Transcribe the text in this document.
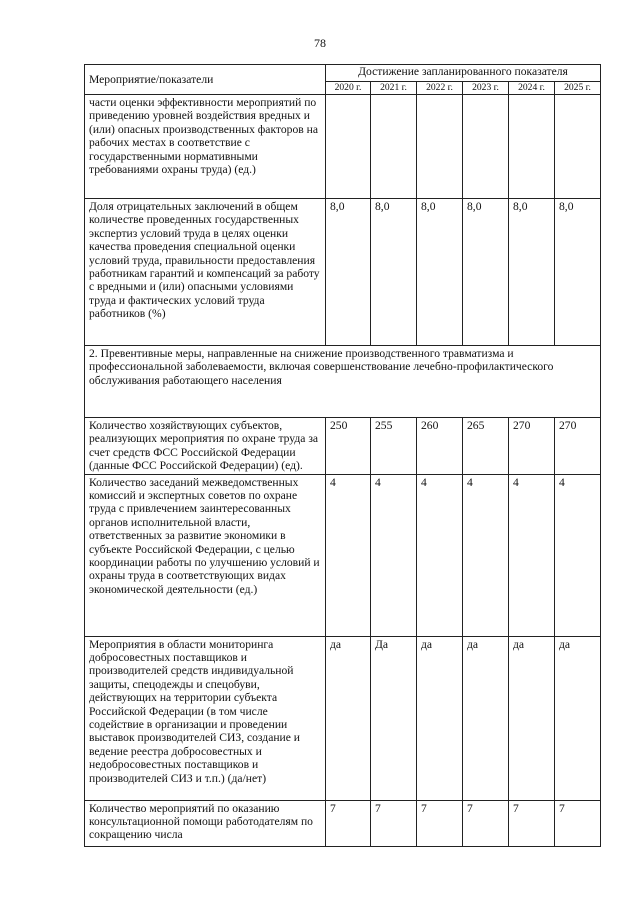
78
Мероприятие/показатели	Достижение запланированного показателя					
	2020 г.	2021 г.	2022 г.	2023 г.	2024 г.	2025 г.
части оценки эффективности мероприятий по приведению уровней воздействия вредных и (или) опасных производственных факторов на рабочих местах в соответствие с государственными нормативными требованиями охраны труда) (ед.)						
Доля отрицательных заключений в общем количестве проведенных государственных экспертиз условий труда в целях оценки качества проведения специальной оценки условий труда, правильности предоставления работникам гарантий и компенсаций за работу с вредными и (или) опасными условиями труда и фактических условий труда работников (%)	8,0	8,0	8,0	8,0	8,0	8,0
2. Превентивные меры, направленные на снижение производственного травматизма и профессиональной заболеваемости, включая совершенствование лечебно-профилактического обслуживания работающего населения						
Количество хозяйствующих субъектов, реализующих мероприятия по охране труда за счет средств ФСС Российской Федерации (данные ФСС Российской Федерации) (ед).	250	255	260	265	270	270
Количество заседаний межведомственных комиссий и экспертных советов по охране труда с привлечением заинтересованных органов исполнительной власти, ответственных за развитие экономики в субъекте Российской Федерации, с целью координации работы по улучшению условий и охраны труда в соответствующих видах экономической деятельности (ед.)	4	4	4	4	4	4
Мероприятия в области мониторинга добросовестных поставщиков и производителей средств индивидуальной защиты, спецодежды и спецобуви, действующих на территории субъекта Российской Федерации (в том числе содействие в организации и проведении выставок производителей СИЗ, создание и ведение реестра добросовестных и недобросовестных поставщиков и производителей СИЗ и т.п.) (да/нет)	да	Да	да	да	да	да
Количество мероприятий по оказанию консультационной помощи работодателям по сокращению числа	7	7	7	7	7	7
